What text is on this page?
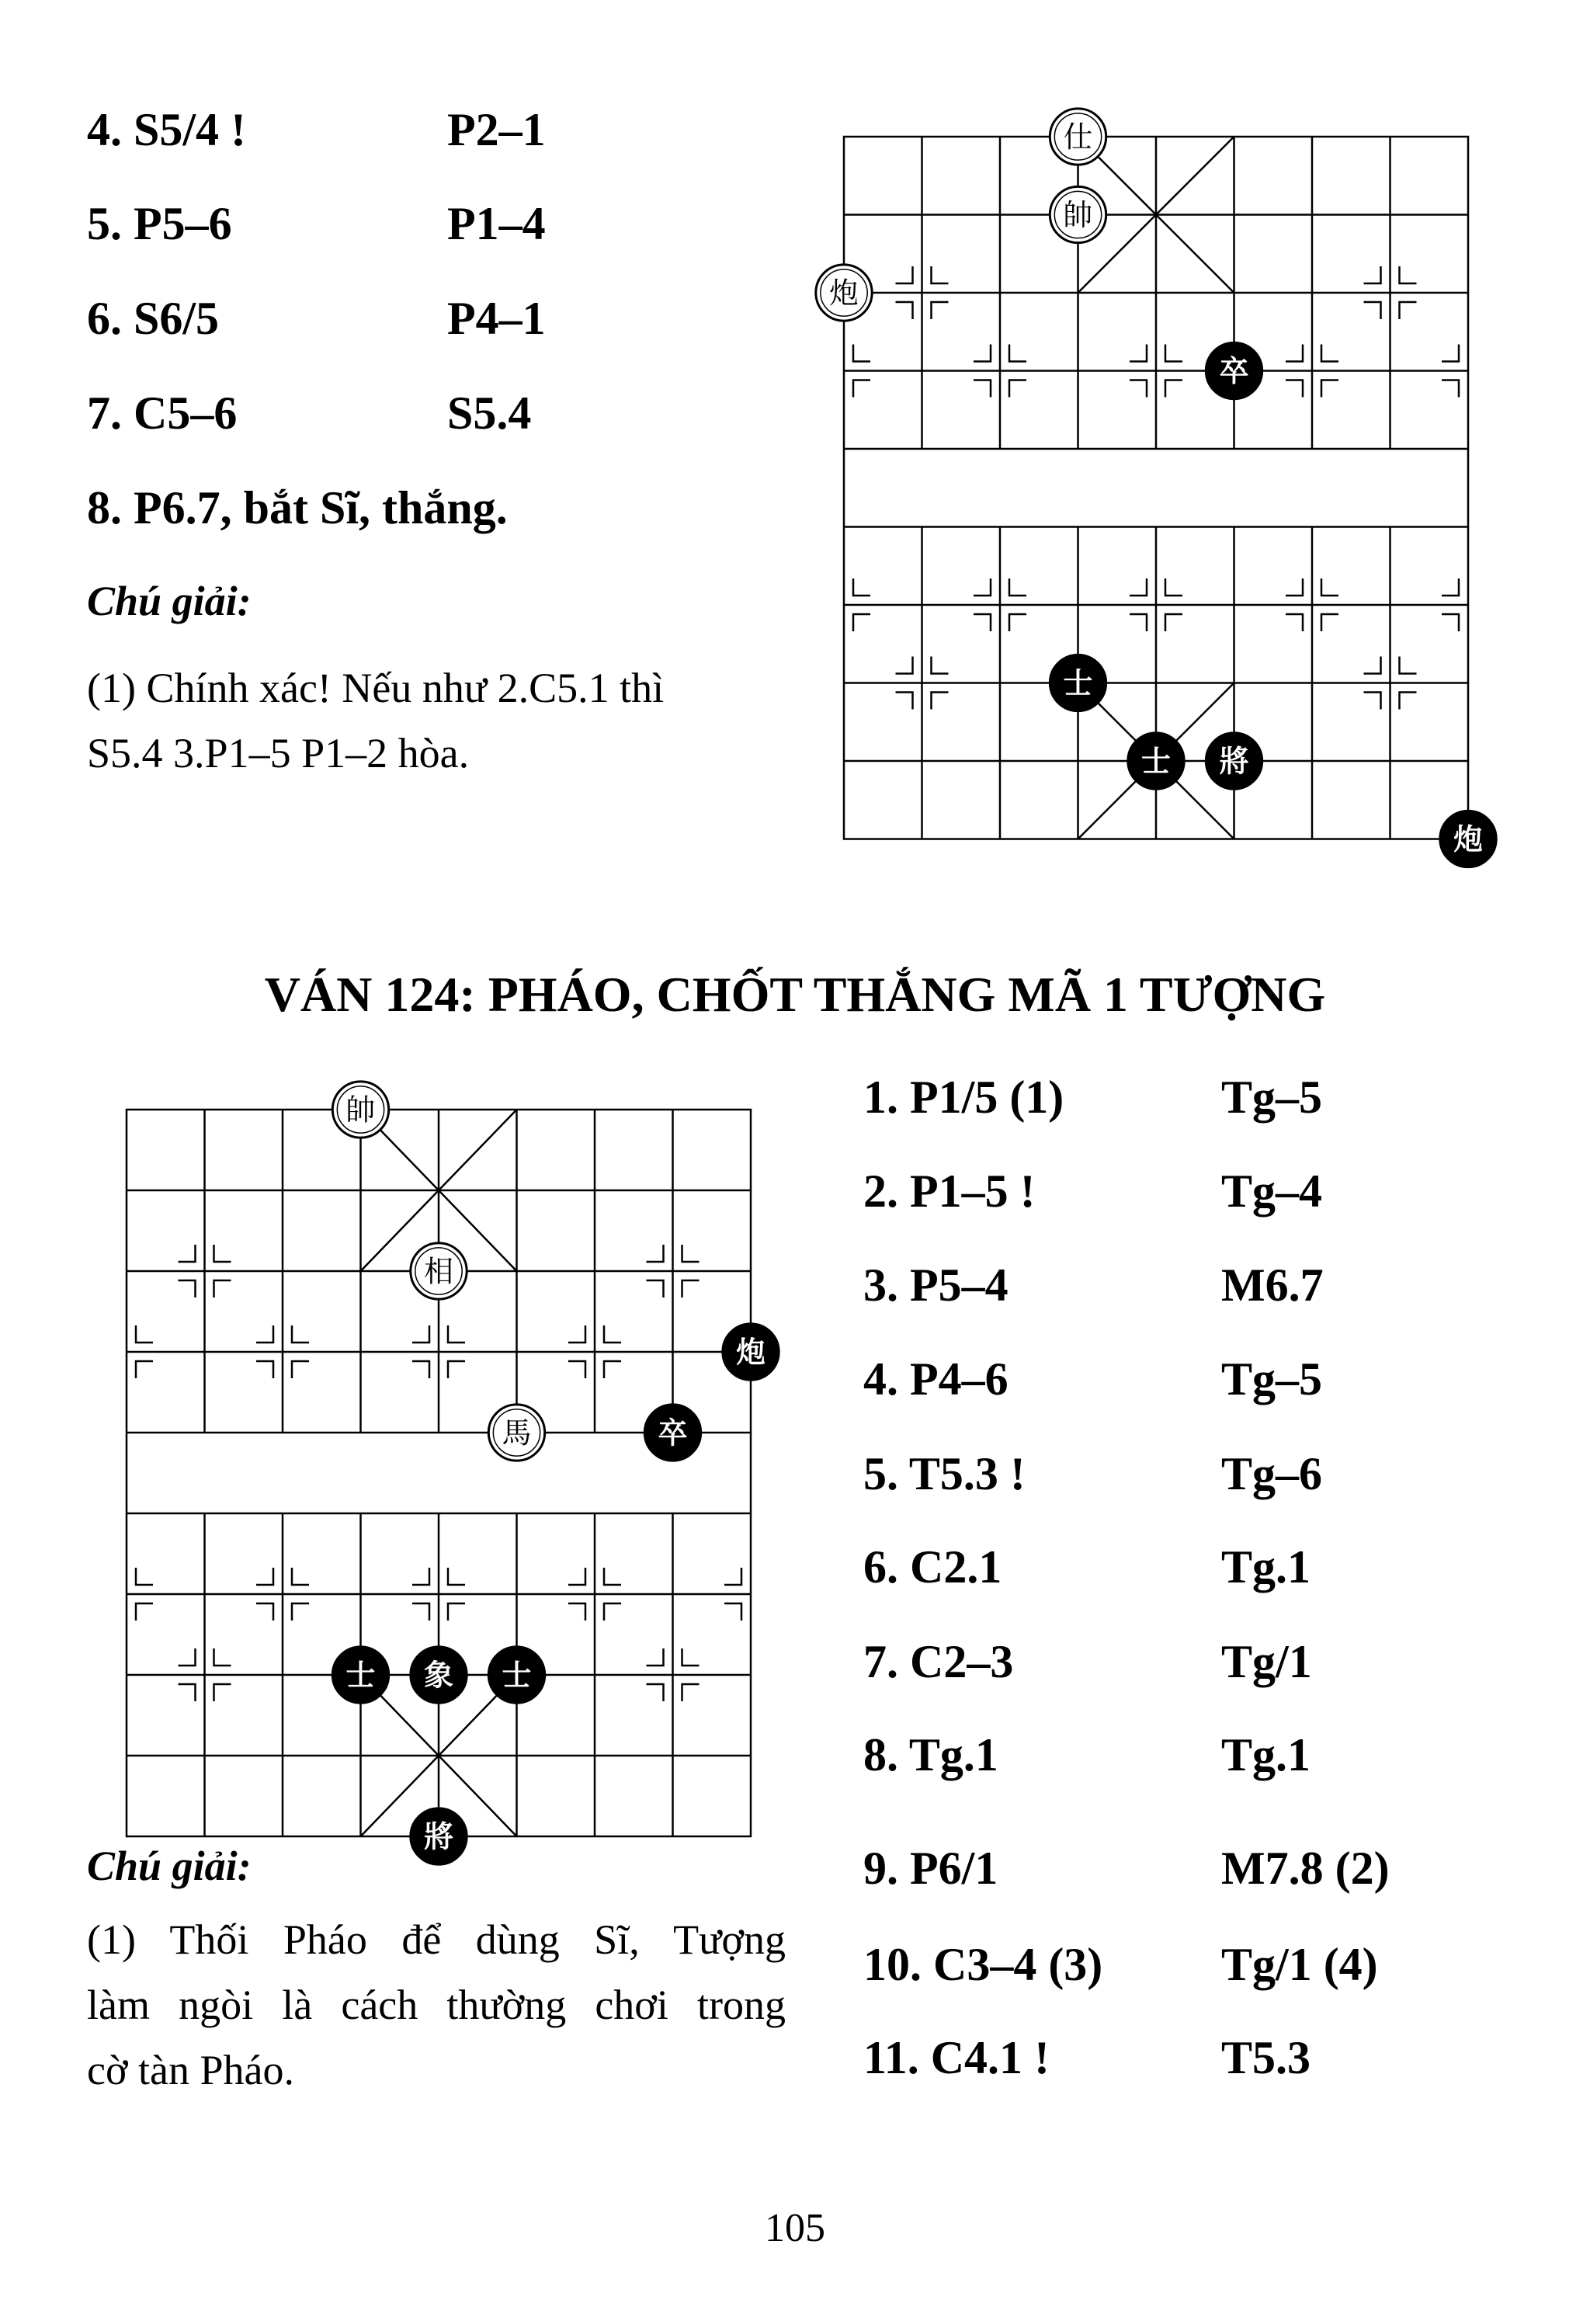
4. S5/4 !	P2–1
5. P5–6	P1–4
6. S6/5	P4–1
7. C5–6	S5.4
8. P6.7, bắt Sĩ, thắng.
Chú giải:
(1) Chính xác! Nếu như 2.C5.1 thì
S5.4 3.P1–5 P1–2 hòa.
仕
帥
炮
卒
士
士 將
炮
VÁN 124: PHÁO, CHỐT THẮNG MÃ 1 TƯỢNG
帥
相
炮
馬	卒
士 象 士
將
1. P1/5 (1)	Tg–5
2. P1–5 !	Tg–4
3. P5–4	M6.7
4. P4–6	Tg–5
5. T5.3 !	Tg–6
6. C2.1	Tg.1
7. C2–3	Tg/1
8. Tg.1	Tg.1
9. P6/1	M7.8 (2)
10. C3–4 (3)	Tg/1 (4)
11. C4.1 !	T5.3
Chú giải:
(1) Thối Pháo để dùng Sĩ, Tượng
làm ngòi là cách thường chơi trong
cờ tàn Pháo.
105
